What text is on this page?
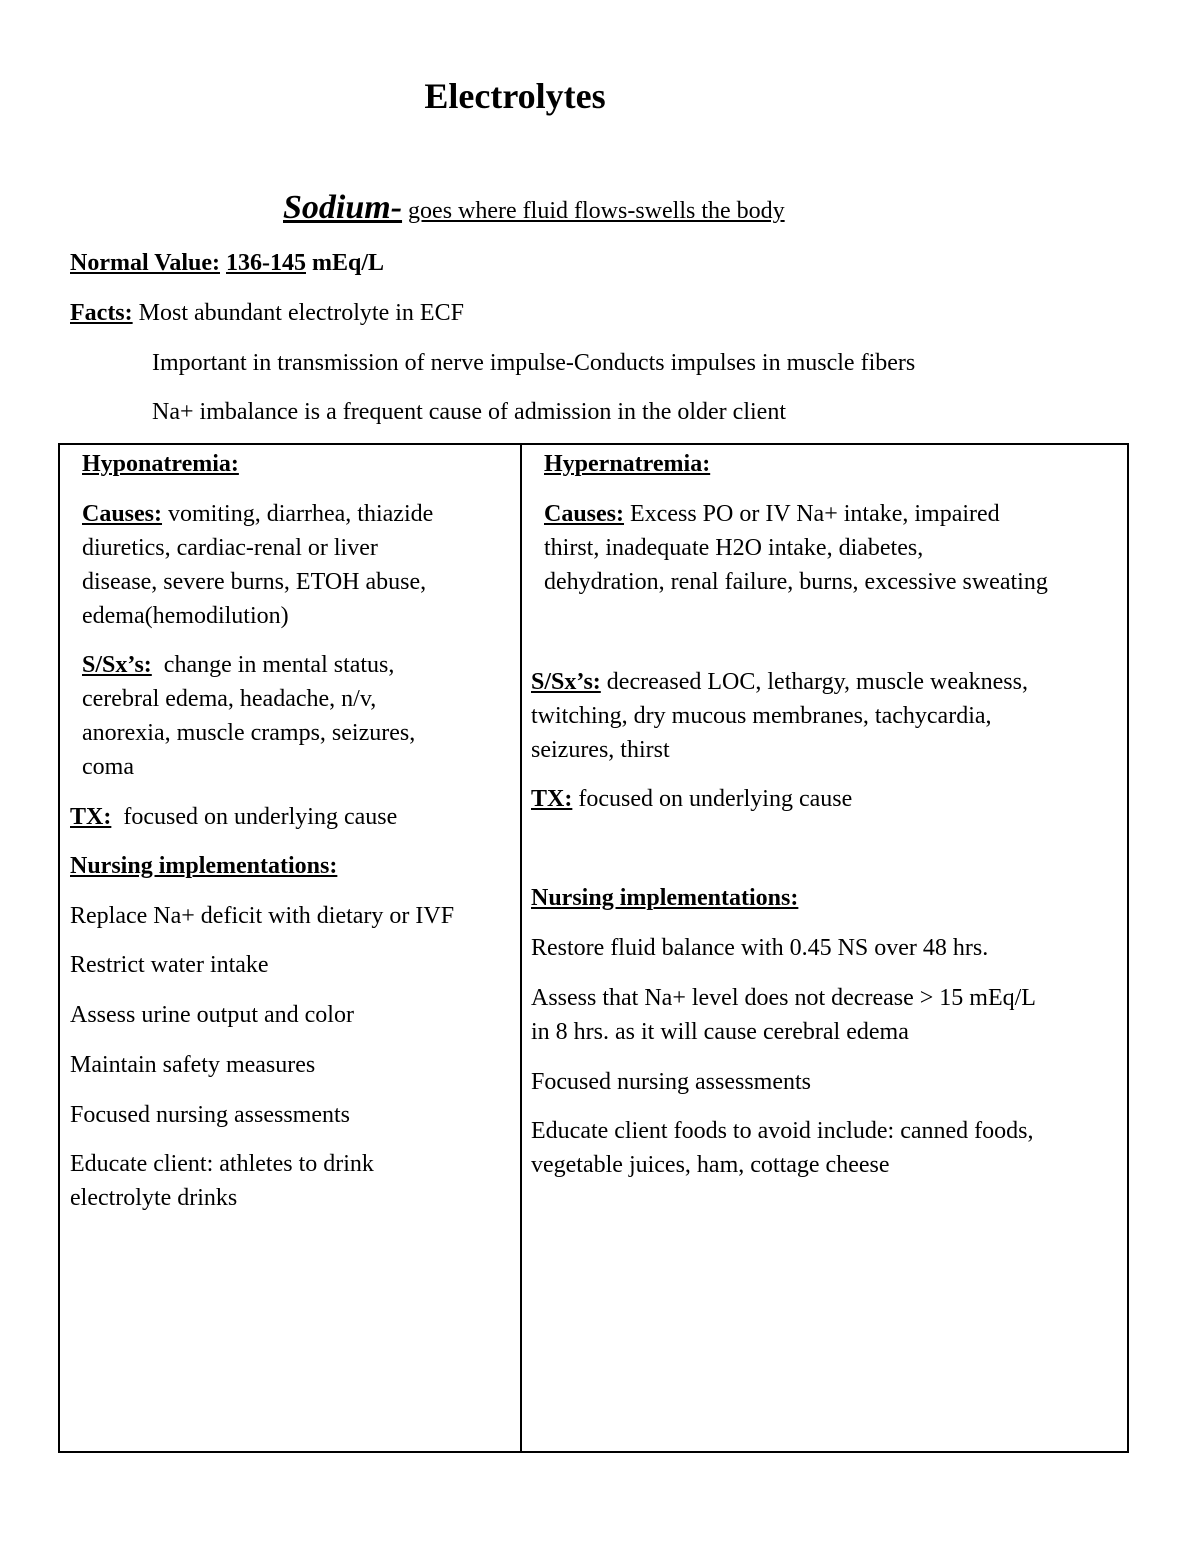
Electrolytes
Sodium- goes where fluid flows-swells the body
Normal Value: 136-145 mEq/L
Facts: Most abundant electrolyte in ECF
Important in transmission of nerve impulse-Conducts impulses in muscle fibers
Na+ imbalance is a frequent cause of admission in the older client
Hyponatremia:
Causes: vomiting, diarrhea, thiazide
diuretics, cardiac-renal or liver
disease, severe burns, ETOH abuse,
edema(hemodilution)
S/Sx’s: change in mental status,
cerebral edema, headache, n/v,
anorexia, muscle cramps, seizures,
coma
TX: focused on underlying cause
Nursing implementations:
Replace Na+ deficit with dietary or IVF
Restrict water intake
Assess urine output and color
Maintain safety measures
Focused nursing assessments
Educate client: athletes to drink
electrolyte drinks
Hypernatremia:
Causes: Excess PO or IV Na+ intake, impaired
thirst, inadequate H2O intake, diabetes,
dehydration, renal failure, burns, excessive sweating
S/Sx’s: decreased LOC, lethargy, muscle weakness,
twitching, dry mucous membranes, tachycardia,
seizures, thirst
TX: focused on underlying cause
Nursing implementations:
Restore fluid balance with 0.45 NS over 48 hrs.
Assess that Na+ level does not decrease > 15 mEq/L
in 8 hrs. as it will cause cerebral edema
Focused nursing assessments
Educate client foods to avoid include: canned foods,
vegetable juices, ham, cottage cheese
